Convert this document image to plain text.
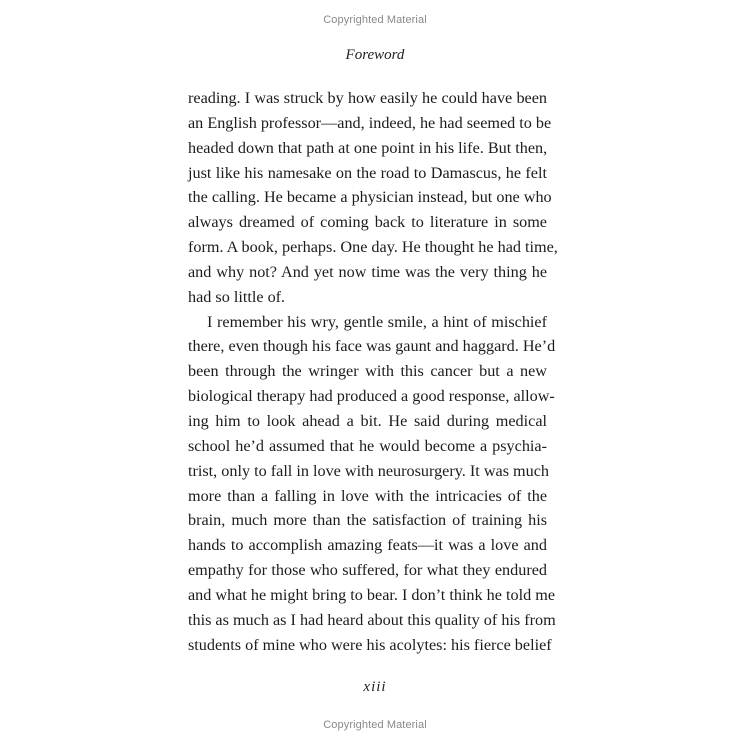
Copyrighted Material
Foreword
reading. I was struck by how easily he could have been
an English professor—and, indeed, he had seemed to be
headed down that path at one point in his life. But then,
just like his namesake on the road to Damascus, he felt
the calling. He became a physician instead, but one who
always dreamed of coming back to literature in some
form. A book, perhaps. One day. He thought he had time,
and why not? And yet now time was the very thing he
had so little of.
I remember his wry, gentle smile, a hint of mischief
there, even though his face was gaunt and haggard. He’d
been through the wringer with this cancer but a new
biological therapy had produced a good response, allow-
ing him to look ahead a bit. He said during medical
school he’d assumed that he would become a psychia-
trist, only to fall in love with neurosurgery. It was much
more than a falling in love with the intricacies of the
brain, much more than the satisfaction of training his
hands to accomplish amazing feats—it was a love and
empathy for those who suffered, for what they endured
and what he might bring to bear. I don’t think he told me
this as much as I had heard about this quality of his from
students of mine who were his acolytes: his fierce belief
xiii
Copyrighted Material
